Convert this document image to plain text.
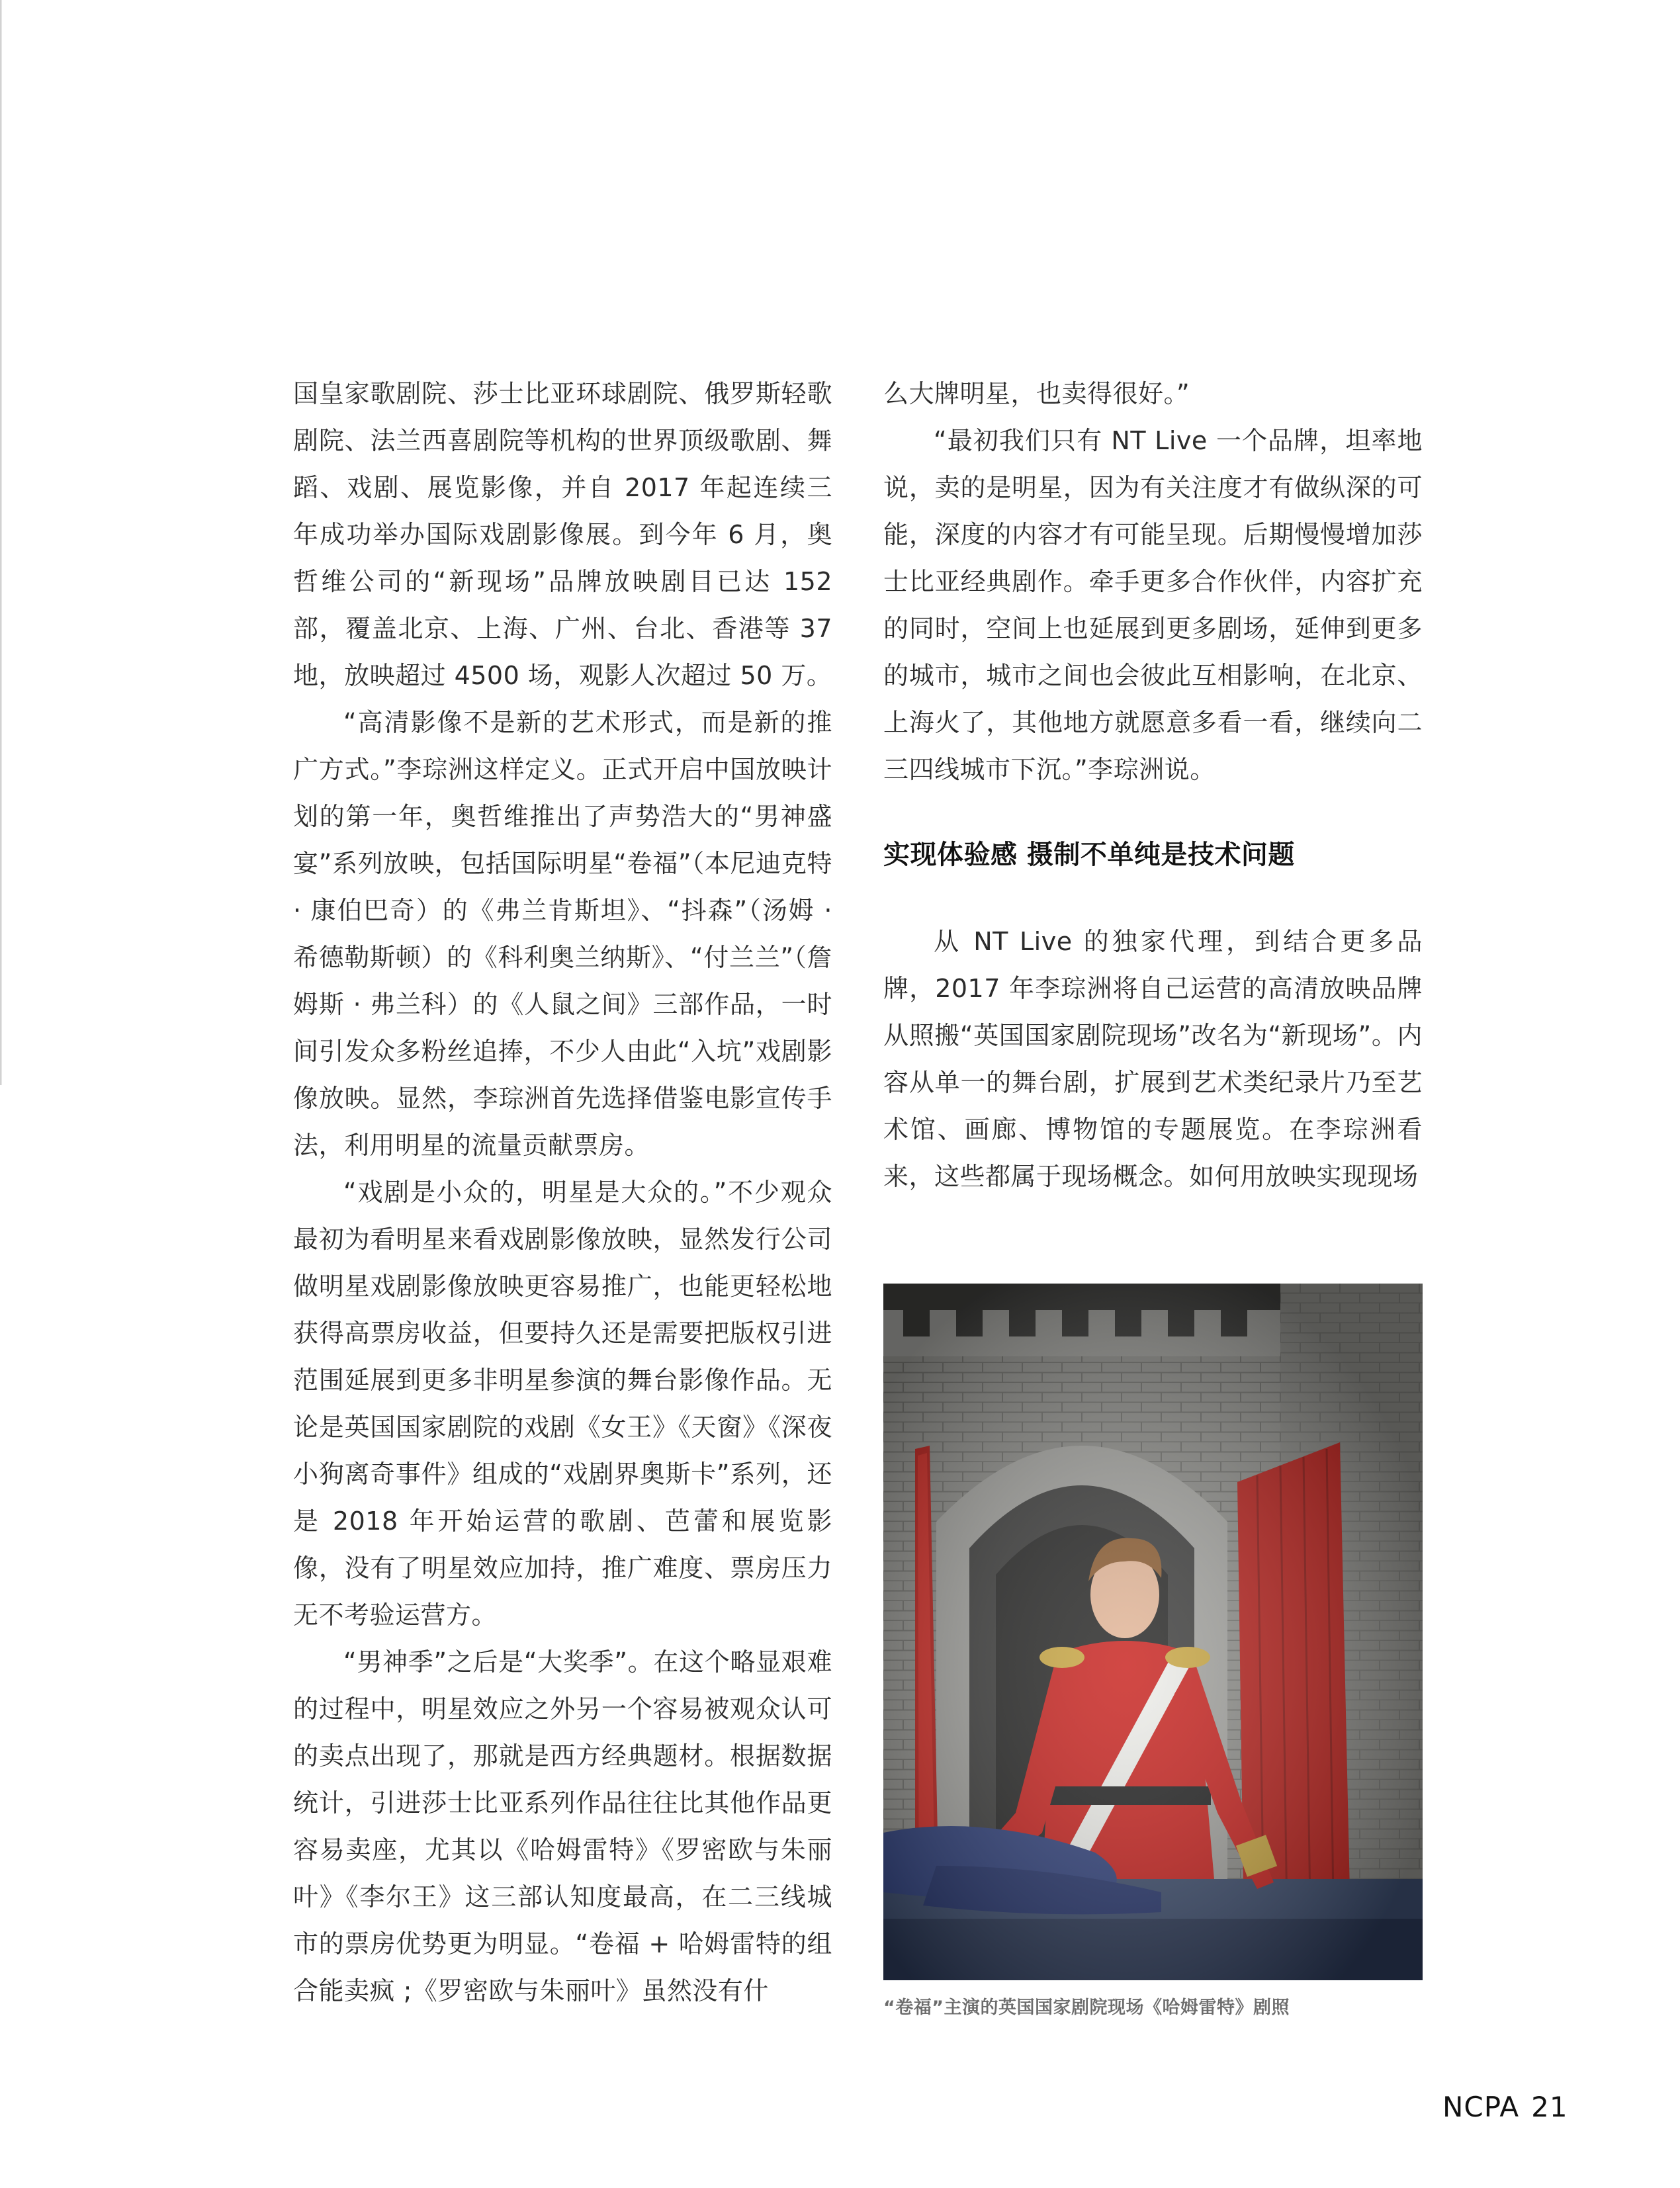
国皇家歌剧院、莎士比亚环球剧院、俄罗斯轻歌剧院、法兰西喜剧院等机构的世界顶级歌剧、舞蹈、戏剧、展览影像，并自 2017 年起连续三年成功举办国际戏剧影像展。到今年 6 月，奥哲维公司的“新现场”品牌放映剧目已达 152 部，覆盖北京、上海、广州、台北、香港等 37 地，放映超过 4500 场，观影人次超过 50 万。

“高清影像不是新的艺术形式，而是新的推广方式。”李琮洲这样定义。正式开启中国放映计划的第一年，奥哲维推出了声势浩大的“男神盛宴”系列放映，包括国际明星“卷福”（本尼迪克特 · 康伯巴奇）的《弗兰肯斯坦》、“抖森”（汤姆 · 希德勒斯顿）的《科利奥兰纳斯》、“付兰兰”（詹姆斯 · 弗兰科）的《人鼠之间》三部作品，一时间引发众多粉丝追捧，不少人由此“入坑”戏剧影像放映。显然，李琮洲首先选择借鉴电影宣传手法，利用明星的流量贡献票房。

“戏剧是小众的，明星是大众的。”不少观众最初为看明星来看戏剧影像放映，显然发行公司做明星戏剧影像放映更容易推广，也能更轻松地获得高票房收益，但要持久还是需要把版权引进范围延展到更多非明星参演的舞台影像作品。无论是英国国家剧院的戏剧《女王》《天窗》《深夜小狗离奇事件》组成的“戏剧界奥斯卡”系列，还是 2018 年开始运营的歌剧、芭蕾和展览影像，没有了明星效应加持，推广难度、票房压力无不考验运营方。

“男神季”之后是“大奖季”。在这个略显艰难的过程中，明星效应之外另一个容易被观众认可的卖点出现了，那就是西方经典题材。根据数据统计，引进莎士比亚系列作品往往比其他作品更容易卖座，尤其以《哈姆雷特》《罗密欧与朱丽叶》《李尔王》这三部认知度最高，在二三线城市的票房优势更为明显。“卷福 + 哈姆雷特的组合能卖疯 ;《罗密欧与朱丽叶》虽然没有什

么大牌明星，也卖得很好。”

“最初我们只有 NT Live 一个品牌，坦率地说，卖的是明星，因为有关注度才有做纵深的可能，深度的内容才有可能呈现。后期慢慢增加莎士比亚经典剧作。牵手更多合作伙伴，内容扩充的同时，空间上也延展到更多剧场，延伸到更多的城市，城市之间也会彼此互相影响，在北京、上海火了，其他地方就愿意多看一看，继续向二三四线城市下沉。”李琮洲说。

实现体验感 摄制不单纯是技术问题

从 NT Live 的独家代理，到结合更多品牌，2017 年李琮洲将自己运营的高清放映品牌从照搬“英国国家剧院现场”改名为“新现场”。内容从单一的舞台剧，扩展到艺术类纪录片乃至艺术馆、画廊、博物馆的专题展览。在李琮洲看来，这些都属于现场概念。如何用放映实现现场

“卷福”主演的英国国家剧院现场《哈姆雷特》剧照
NCPA 21
